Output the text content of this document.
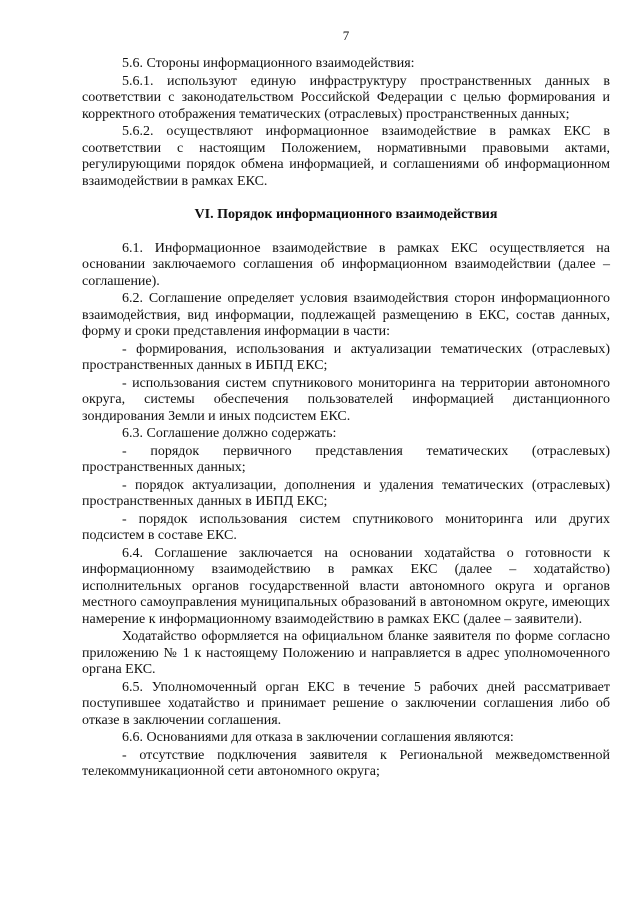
7

5.6. Стороны информационного взаимодействия:

5.6.1. используют единую инфраструктуру пространственных данных в соответствии с законодательством Российской Федерации с целью формирования и корректного отображения тематических (отраслевых) пространственных данных;

5.6.2. осуществляют информационное взаимодействие в рамках ЕКС в соответствии с настоящим Положением, нормативными правовыми актами, регулирующими порядок обмена информацией, и соглашениями об информационном взаимодействии в рамках ЕКС.

VI. Порядок информационного взаимодействия

6.1. Информационное взаимодействие в рамках ЕКС осуществляется на основании заключаемого соглашения об информационном взаимодействии (далее – соглашение).

6.2. Соглашение определяет условия взаимодействия сторон информационного взаимодействия, вид информации, подлежащей размещению в ЕКС, состав данных, форму и сроки представления информации в части:

- формирования, использования и актуализации тематических (отраслевых) пространственных данных в ИБПД ЕКС;

- использования систем спутникового мониторинга на территории автономного округа, системы обеспечения пользователей информацией дистанционного зондирования Земли и иных подсистем ЕКС.

6.3. Соглашение должно содержать:

- порядок первичного представления тематических (отраслевых) пространственных данных;

- порядок актуализации, дополнения и удаления тематических (отраслевых) пространственных данных в ИБПД ЕКС;

- порядок использования систем спутникового мониторинга или других подсистем в составе ЕКС.

6.4. Соглашение заключается на основании ходатайства о готовности к информационному взаимодействию в рамках ЕКС (далее – ходатайство) исполнительных органов государственной власти автономного округа и органов местного самоуправления муниципальных образований в автономном округе, имеющих намерение к информационному взаимодействию в рамках ЕКС (далее – заявители).

Ходатайство оформляется на официальном бланке заявителя по форме согласно приложению № 1 к настоящему Положению и направляется в адрес уполномоченного органа ЕКС.

6.5. Уполномоченный орган ЕКС в течение 5 рабочих дней рассматривает поступившее ходатайство и принимает решение о заключении соглашения либо об отказе в заключении соглашения.

6.6. Основаниями для отказа в заключении соглашения являются:

- отсутствие подключения заявителя к Региональной межведомственной телекоммуникационной сети автономного округа;
